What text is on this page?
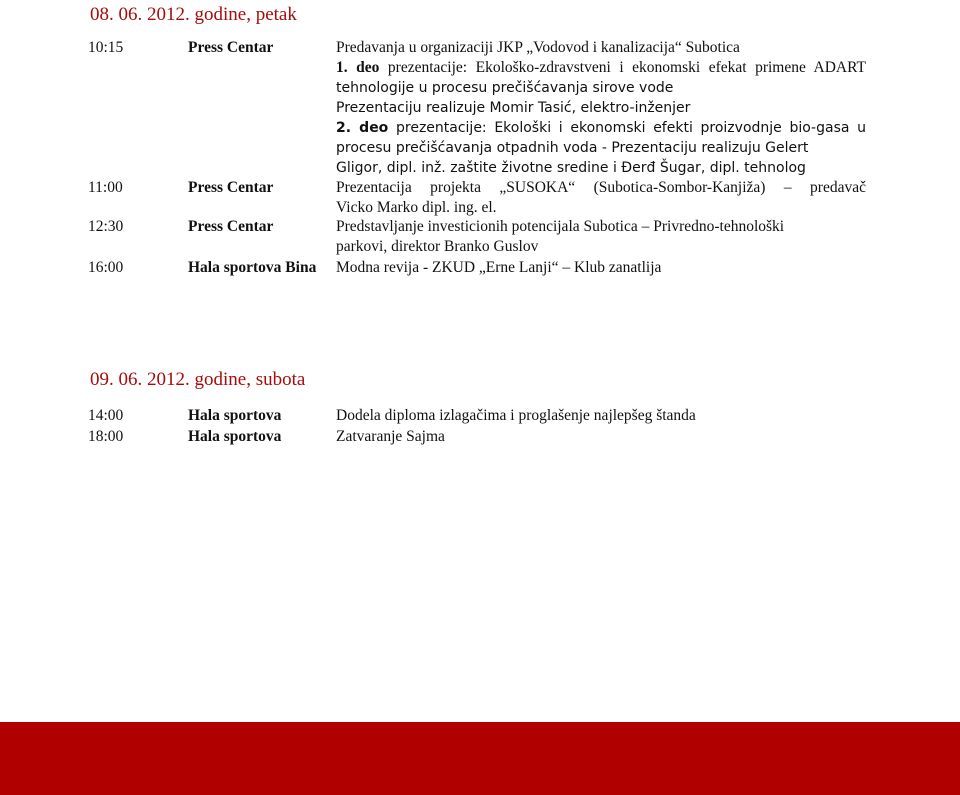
08. 06. 2012. godine, petak
10:15	Press Centar	Predavanja u organizaciji JKP „Vodovod i kanalizacija“ Subotica
1. deo prezentacije: Ekološko-zdravstveni i ekonomski efekat primene ADART
tehnologije u procesu prečišćavanja sirove vode
Prezentaciju realizuje Momir Tasić, elektro-inženjer
2. deo prezentacije: Ekološki i ekonomski efekti proizvodnje bio-gasa u
procesu prečišćavanja otpadnih voda - Prezentaciju realizuju Gelert
Gligor, dipl. inž. zaštite životne sredine i Đerđ Šugar, dipl. tehnolog
11:00	Press Centar	Prezentacija projekta „SUSOKA“ (Subotica-Sombor-Kanjiža) – predavač
Vicko Marko dipl. ing. el.
12:30	Press Centar	Predstavljanje investicionih potencijala Subotica – Privredno-tehnološki
parkovi, direktor Branko Guslov
16:00	Hala sportova Bina	Modna revija - ZKUD „Erne Lanji“ – Klub zanatlija
09. 06. 2012. godine, subota
14:00	Hala sportova	Dodela diploma izlagačima i proglašenje najlepšeg štanda
18:00	Hala sportova	Zatvaranje Sajma
